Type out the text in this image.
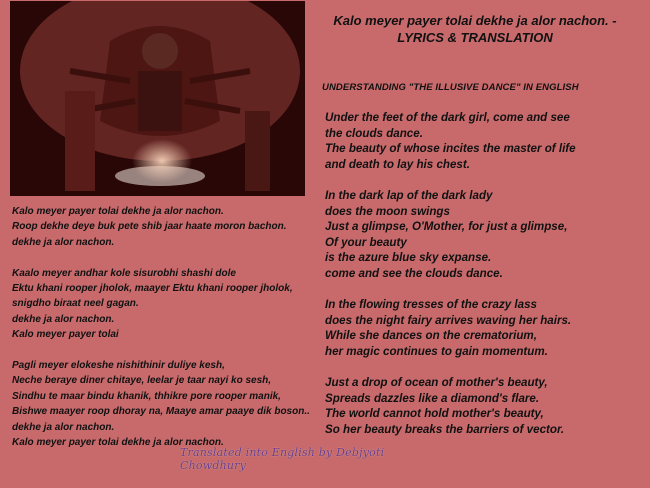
Kalo meyer payer tolai dekhe ja alor nachon. -
LYRICS & TRANSLATION
UNDERSTANDING "THE ILLUSIVE DANCE" IN ENGLISH
Under the feet of the dark girl, come and see
the clouds dance.
The beauty of whose incites the master of life
and death to lay his chest.
In the dark lap of the dark lady
does the moon swings
Just a glimpse, O'Mother, for just a glimpse,
Of your beauty
is the azure blue sky expanse.
come and see the clouds dance.
In the flowing tresses of the crazy lass
does the night fairy arrives waving her hairs.
While she dances on the crematorium,
her magic continues to gain momentum.
Just a drop of ocean of mother's beauty,
Spreads dazzles like a diamond's flare.
The world cannot hold mother's beauty,
So her beauty breaks the barriers of vector.
Kalo meyer payer tolai dekhe ja alor nachon.
Roop dekhe deye buk pete shib jaar haate moron bachon.
dekhe ja alor nachon.
Kaalo meyer andhar kole sisurobhi shashi dole
Ektu khani rooper jholok, maayer Ektu khani rooper jholok,
snigdho biraat neel gagan.
dekhe ja alor nachon.
Kalo meyer payer tolai
Pagli meyer elokeshe nishithinir duliye kesh,
Neche beraye diner chitaye, leelar je taar nayi ko sesh,
Sindhu te maar bindu khanik, thhikre pore rooper manik,
Bishwe maayer roop dhoray na, Maaye amar paaye dik boson..
dekhe ja alor nachon.
Kalo meyer payer tolai dekhe ja alor nachon.
Translated into English by Debjyoti Chowdhury
